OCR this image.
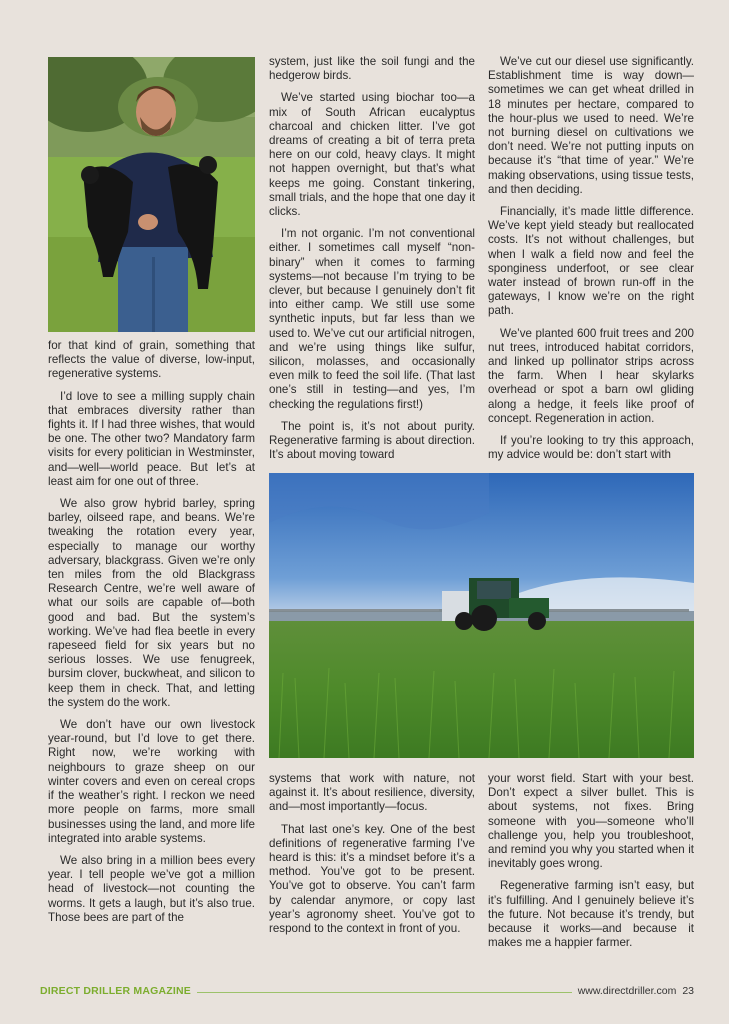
for that kind of grain, something that reflects the value of diverse, low-input, regenerative systems.

I’d love to see a milling supply chain that embraces diversity rather than fights it. If I had three wishes, that would be one. The other two? Mandatory farm visits for every politician in Westminster, and—well—world peace. But let’s at least aim for one out of three.

We also grow hybrid barley, spring barley, oilseed rape, and beans. We’re tweaking the rotation every year, especially to manage our worthy adversary, blackgrass. Given we’re only ten miles from the old Blackgrass Research Centre, we’re well aware of what our soils are capable of—both good and bad. But the system’s working. We’ve had flea beetle in every rapeseed field for six years but no serious losses. We use fenugreek, bursim clover, buckwheat, and silicon to keep them in check. That, and letting the system do the work.

We don’t have our own livestock year-round, but I’d love to get there. Right now, we’re working with neighbours to graze sheep on our winter covers and even on cereal crops if the weather’s right. I reckon we need more people on farms, more small businesses using the land, and more life integrated into arable systems.

We also bring in a million bees every year. I tell people we’ve got a million head of livestock—not counting the worms. It gets a laugh, but it’s also true. Those bees are part of the

system, just like the soil fungi and the hedgerow birds.

We’ve started using biochar too—a mix of South African eucalyptus charcoal and chicken litter. I’ve got dreams of creating a bit of terra preta here on our cold, heavy clays. It might not happen overnight, but that’s what keeps me going. Constant tinkering, small trials, and the hope that one day it clicks.

I’m not organic. I’m not conventional either. I sometimes call myself “non-binary” when it comes to farming systems—not because I’m trying to be clever, but because I genuinely don’t fit into either camp. We still use some synthetic inputs, but far less than we used to. We’ve cut our artificial nitrogen, and we’re using things like sulfur, silicon, molasses, and occasionally even milk to feed the soil life. (That last one’s still in testing—and yes, I’m checking the regulations first!)

The point is, it’s not about purity. Regenerative farming is about direction. It’s about moving toward

We’ve cut our diesel use significantly. Establishment time is way down—sometimes we can get wheat drilled in 18 minutes per hectare, compared to the hour-plus we used to need. We’re not burning diesel on cultivations we don’t need. We’re not putting inputs on because it’s “that time of year.” We’re making observations, using tissue tests, and then deciding.

Financially, it’s made little difference. We’ve kept yield steady but reallocated costs. It’s not without challenges, but when I walk a field now and feel the sponginess underfoot, or see clear water instead of brown run-off in the gateways, I know we’re on the right path.

We’ve planted 600 fruit trees and 200 nut trees, introduced habitat corridors, and linked up pollinator strips across the farm. When I hear skylarks overhead or spot a barn owl gliding along a hedge, it feels like proof of concept. Regeneration in action.

If you’re looking to try this approach, my advice would be: don’t start with

systems that work with nature, not against it. It’s about resilience, diversity, and—most importantly—focus.

That last one’s key. One of the best definitions of regenerative farming I’ve heard is this: it’s a mindset before it’s a method. You’ve got to be present. You’ve got to observe. You can’t farm by calendar anymore, or copy last year’s agronomy sheet. You’ve got to respond to the context in front of you.

your worst field. Start with your best. Don’t expect a silver bullet. This is about systems, not fixes. Bring someone with you—someone who’ll challenge you, help you troubleshoot, and remind you why you started when it inevitably goes wrong.

Regenerative farming isn’t easy, but it’s fulfilling. And I genuinely believe it’s the future. Not because it’s trendy, but because it works—and because it makes me a happier farmer.

DIRECT DRILLER MAGAZINE	www.directdriller.com 23
